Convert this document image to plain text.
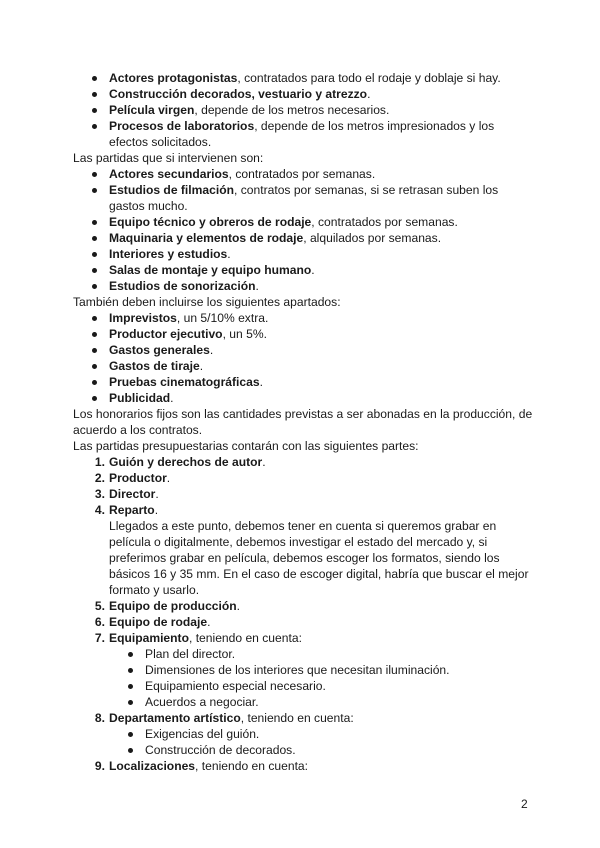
Actores protagonistas, contratados para todo el rodaje y doblaje si hay.
Construcción decorados, vestuario y atrezzo.
Película virgen, depende de los metros necesarios.
Procesos de laboratorios, depende de los metros impresionados y los efectos solicitados.

Las partidas que si intervienen son:

Actores secundarios, contratados por semanas.
Estudios de filmación, contratos por semanas, si se retrasan suben los gastos mucho.
Equipo técnico y obreros de rodaje, contratados por semanas.
Maquinaria y elementos de rodaje, alquilados por semanas.
Interiores y estudios.
Salas de montaje y equipo humano.
Estudios de sonorización.

También deben incluirse los siguientes apartados:

Imprevistos, un 5/10% extra.
Productor ejecutivo, un 5%.
Gastos generales.
Gastos de tiraje.
Pruebas cinematográficas.
Publicidad.

Los honorarios fijos son las cantidades previstas a ser abonadas en la producción, de acuerdo a los contratos.

Las partidas presupuestarias contarán con las siguientes partes:

1. Guión y derechos de autor.
2. Productor.
3. Director.
4. Reparto.
Llegados a este punto, debemos tener en cuenta si queremos grabar en película o digitalmente, debemos investigar el estado del mercado y, si preferimos grabar en película, debemos escoger los formatos, siendo los básicos 16 y 35 mm. En el caso de escoger digital, habría que buscar el mejor formato y usarlo.
5. Equipo de producción.
6. Equipo de rodaje.
7. Equipamiento, teniendo en cuenta:
Plan del director.
Dimensiones de los interiores que necesitan iluminación.
Equipamiento especial necesario.
Acuerdos a negociar.
8. Departamento artístico, teniendo en cuenta:
Exigencias del guión.
Construcción de decorados.
9. Localizaciones, teniendo en cuenta:
2
